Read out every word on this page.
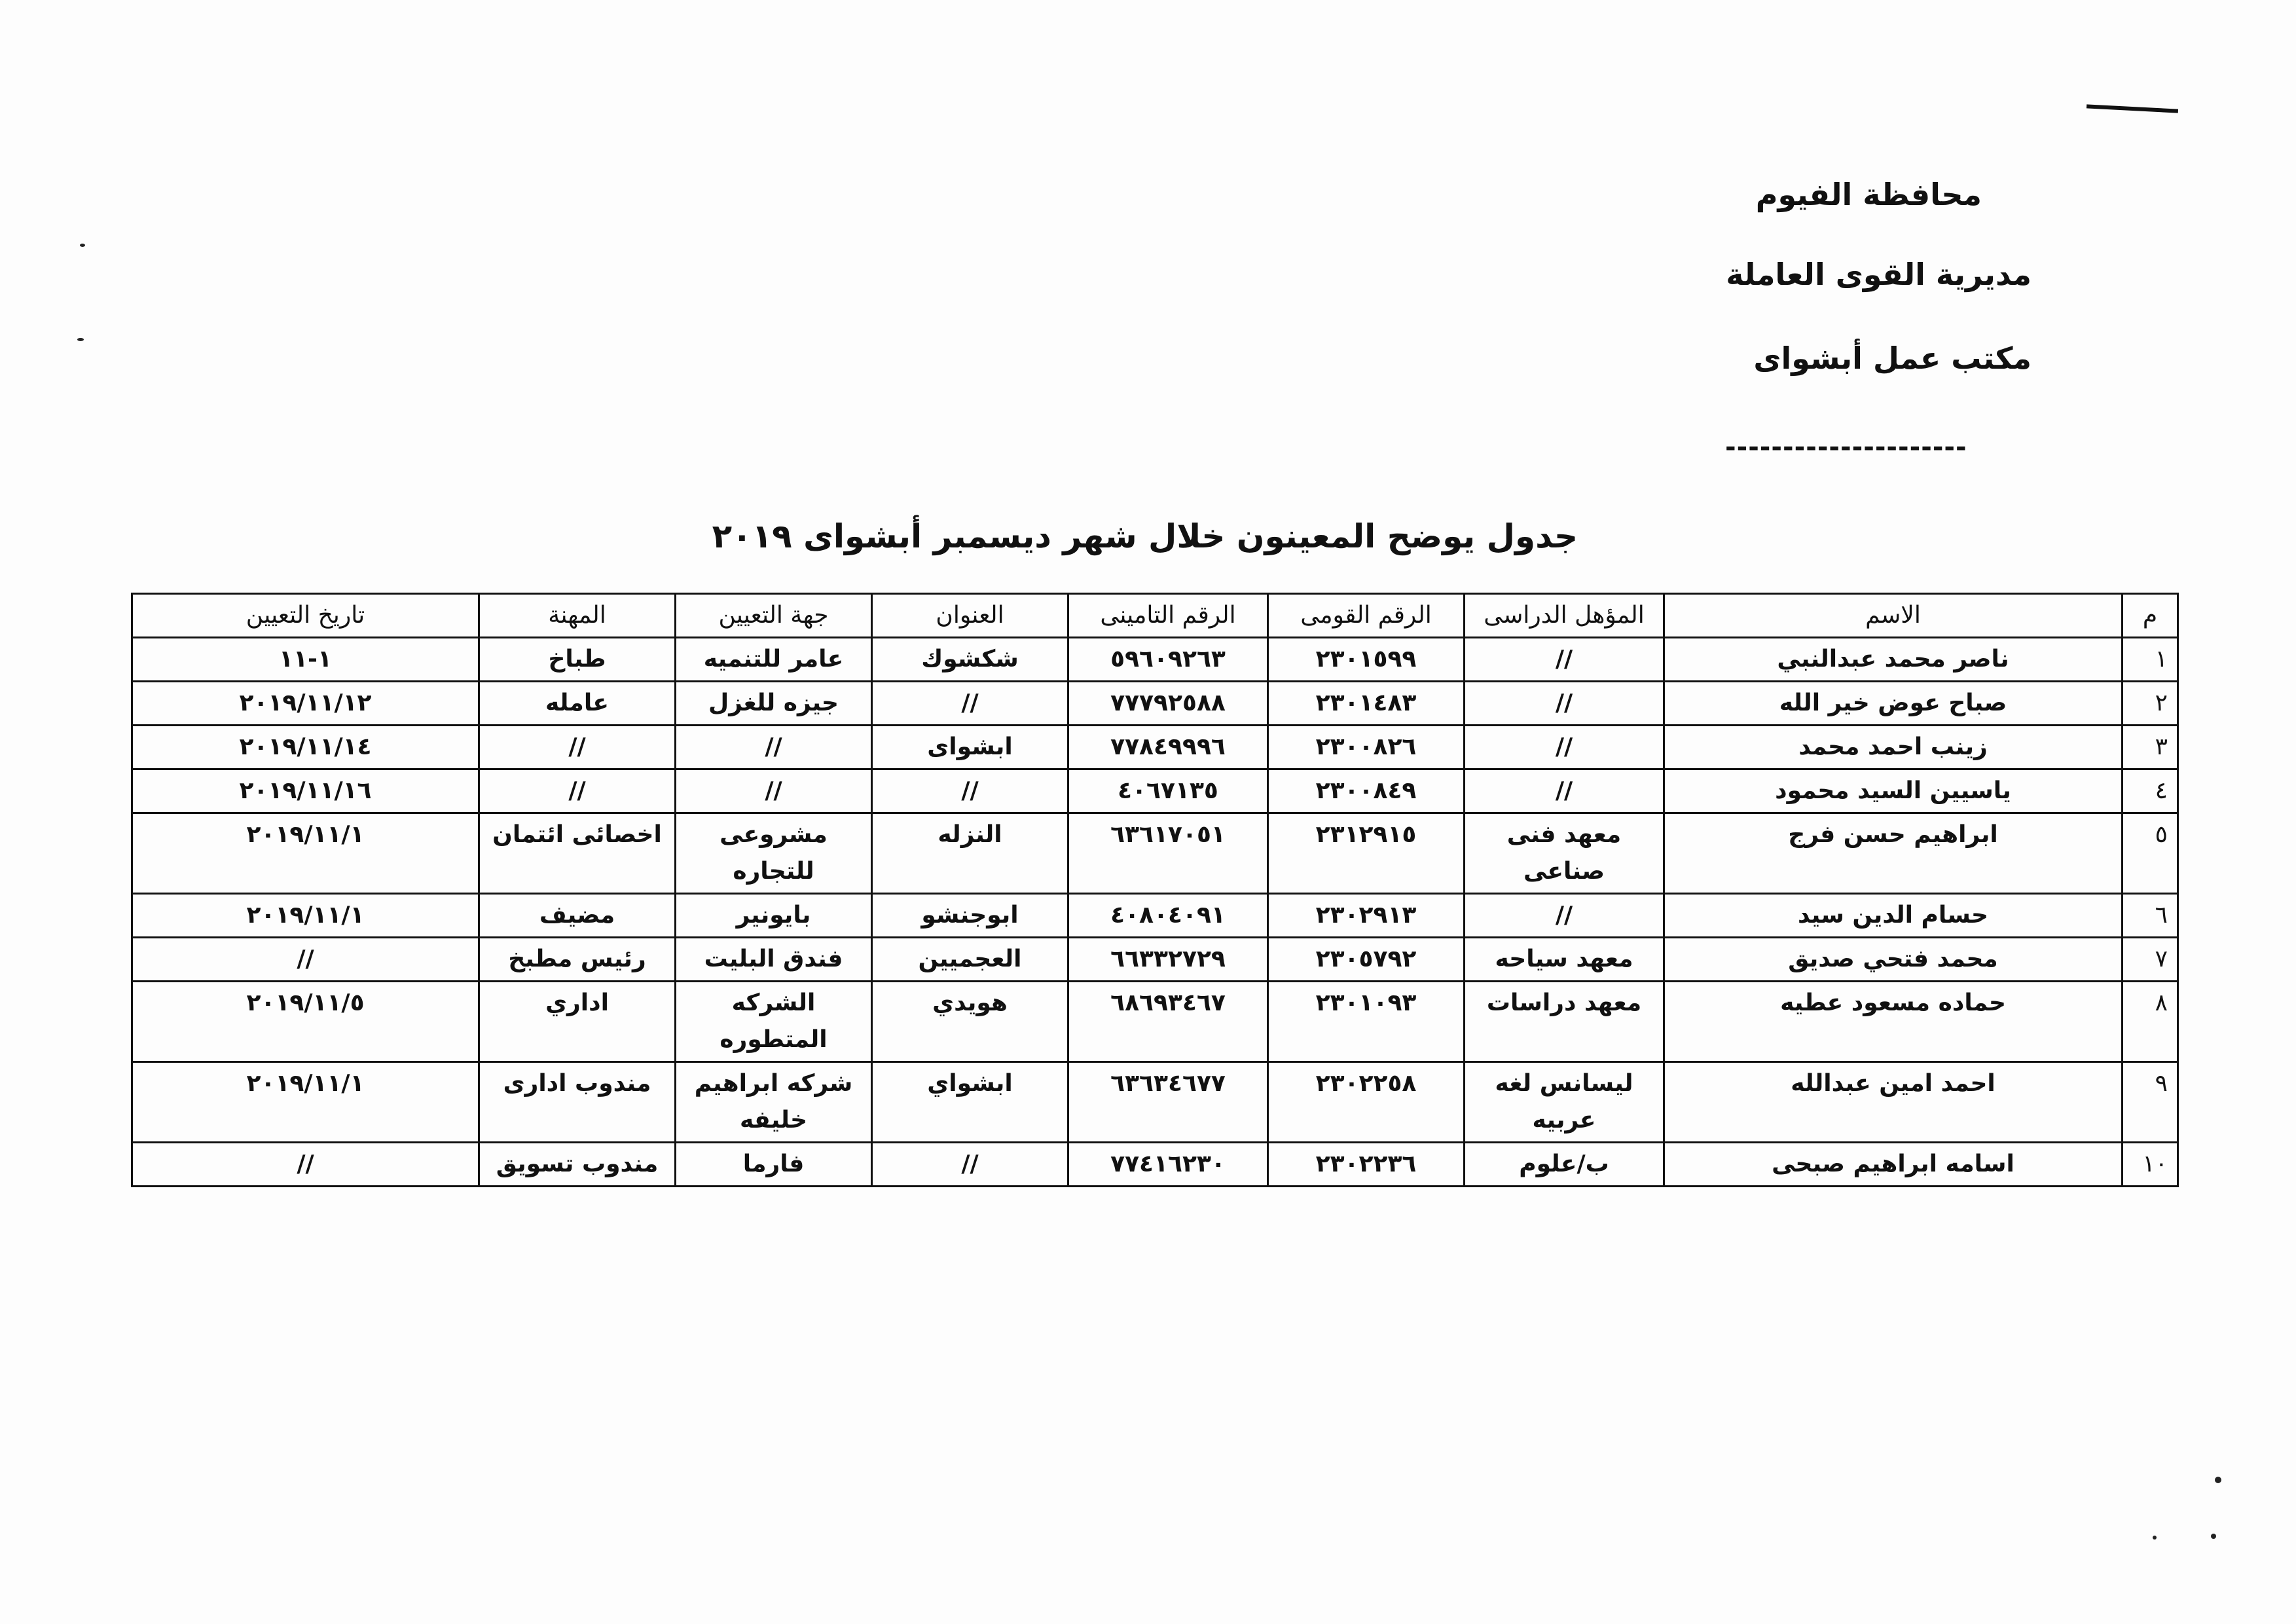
محافظة الفيوم
مديرية القوى العاملة
مكتب عمل أبشواى
---------------------
جدول يوضح المعينون خلال شهر ديسمبر أبشواى ٢٠١٩
م	الاسم	المؤهل الدراسى	الرقم القومى	الرقم التامينى	العنوان	جهة التعيين	المهنة	تاريخ التعيين
١	ناصر محمد عبدالنبي	//	٢٣٠١٥٩٩	٥٩٦٠٩٢٦٣	شكشوك	عامر للتنميه	طباخ	١-١١
٢	صباح عوض خير الله	//	٢٣٠١٤٨٣	٧٧٧٩٢٥٨٨	//	جيزه للغزل	عامله	٢٠١٩/١١/١٢
٣	زينب احمد محمد	//	٢٣٠٠٨٢٦	٧٧٨٤٩٩٩٦	ابشواى	//	//	٢٠١٩/١١/١٤
٤	ياسيين السيد محمود	//	٢٣٠٠٨٤٩	٤٠٦٧١٣٥	//	//	//	٢٠١٩/١١/١٦
٥	ابراهيم حسن فرج	معهد فنى صناعى	٢٣١٢٩١٥	٦٣٦١٧٠٥١	النزله	مشروعى للتجاره	اخصائى ائتمان	٢٠١٩/١١/١
٦	حسام الدين سيد	//	٢٣٠٢٩١٣	٤٠٨٠٤٠٩١	ابوجنشو	بايونير	مضيف	٢٠١٩/١١/١
٧	محمد فتحي صديق	معهد سياحه	٢٣٠٥٧٩٢	٦٦٣٣٢٧٢٩	العجميين	فندق البليت	رئيس مطبخ	//
٨	حماده مسعود عطيه	معهد دراسات	٢٣٠١٠٩٣	٦٨٦٩٣٤٦٧	هويدي	الشركه المتطوره	اداري	٢٠١٩/١١/٥
٩	احمد امين عبدالله	ليسانس لغه عربيه	٢٣٠٢٢٥٨	٦٣٦٣٤٦٧٧	ابشواي	شركه ابراهيم خليفه	مندوب ادارى	٢٠١٩/١١/١
١٠	اسامه ابراهيم صبحى	ب/علوم	٢٣٠٢٢٣٦	٧٧٤١٦٢٣٠	//	فارما	مندوب تسويق	//
